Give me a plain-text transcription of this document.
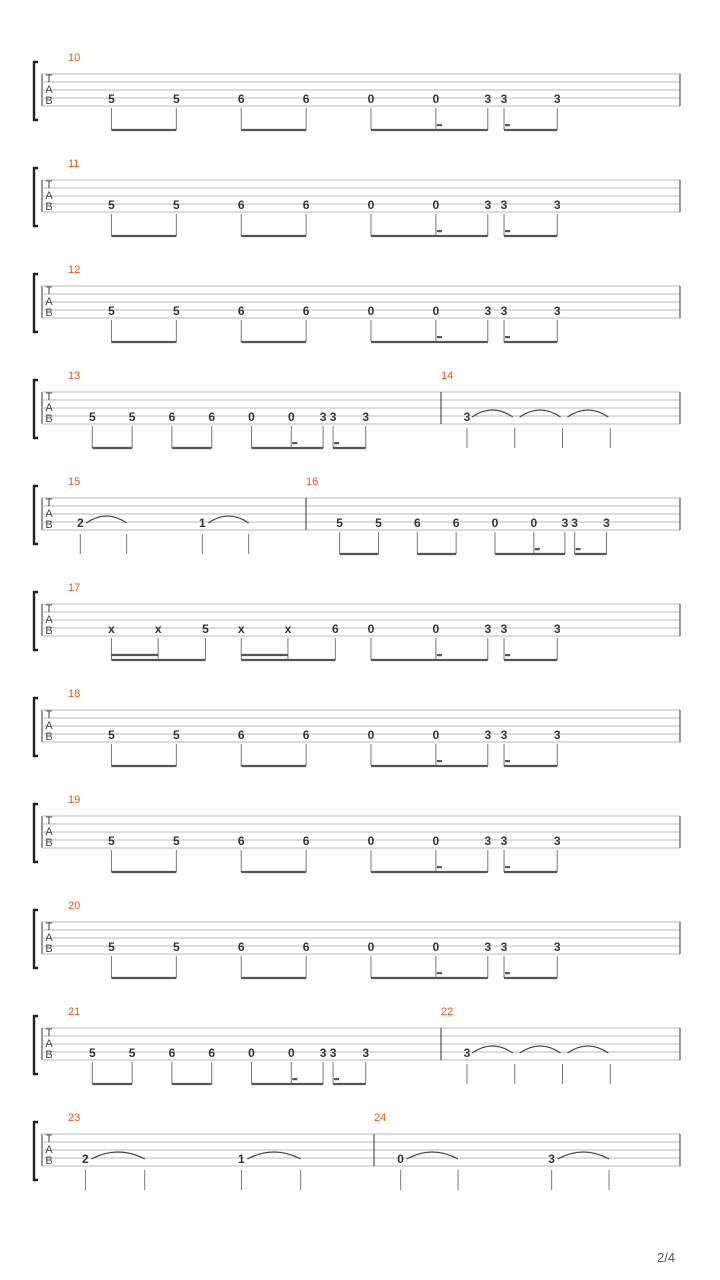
T
A
B
10
5	5	6	6	0	0	3 3	3
T
A
B
11
5	5	6	6	0	0	3 3	3
T
A
B
12
5	5	6	6	0	0	3 3	3
T
A
B
13
5	5	6	6	0	0 3 3 3
14
3
T
A
B
15
2	1
16
5	5	6	6	0	0 3 3 3
T
A
B
17
x	x	5 x	x	6 0	0	3 3	3
T
A
B
18
5	5	6	6	0	0	3 3	3
T
A
B
19
5	5	6	6	0	0	3 3	3
T
A
B
20
5	5	6	6	0	0	3 3	3
T
A
B
21
5	5	6	6	0	0 3 3 3
22
3
T
A
B
23
2	1
24
0	3
2/4
